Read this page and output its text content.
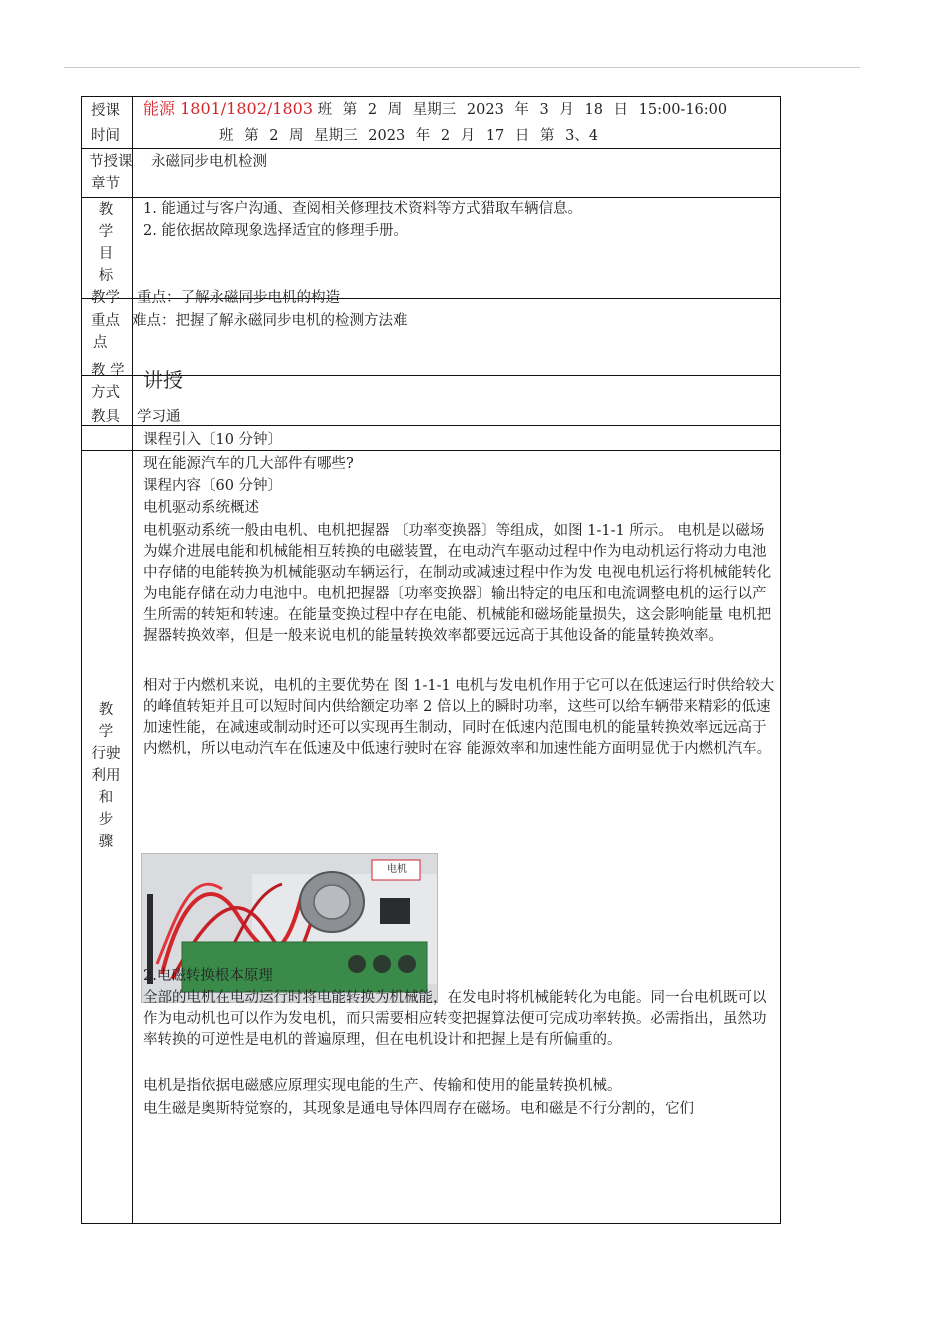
授课
时间
能源 1801/1802/1803 班 第 2 周 星期三 2023 年 3 月 18 日 15:00-16:00
班 第 2 周 星期三 2023 年 2 月 17 日 第 3、4
节授课
章节
永磁同步电机检测
教
学
目
标
1. 能通过与客户沟通、查阅相关修理技术资料等方式猎取车辆信息。
2. 能依据故障现象选择适宜的修理手册。
教学
重点
点
重点：了解永磁同步电机的构造
难点：把握了解永磁同步电机的检测方法难
教 学
方式
讲授
教具 学习通
课程引入〔10 分钟〕
教
学
行驶
利用
和
步
骤
现在能源汽车的几大部件有哪些?
课程内容〔60 分钟〕
电机驱动系统概述

电机驱动系统一般由电机、电机把握器 〔功率变换器〕等组成，如图 1-1-1 所示。 电机是以磁场为媒介进展电能和机械能相互转换的电磁装置，在电动汽车驱动过程中作为电动机运行将动力电池中存储的电能转换为机械能驱动车辆运行，在制动或减速过程中作为发 电视电机运行将机械能转化为电能存储在动力电池中。电机把握器〔功率变换器〕输出特定的电压和电流调整电机的运行以产生所需的转矩和转速。在能量变换过程中存在电能、机械能和磁场能量损失，这会影响能量 电机把握器转换效率，但是一般来说电机的能量转换效率都要远远高于其他设备的能量转换效率。

相对于内燃机来说，电机的主要优势在 图 1-1-1 电机与发电机作用于它可以在低速运行时供给较大的峰值转矩并且可以短时间内供给额定功率 2 倍以上的瞬时功率，这些可以给车辆带来精彩的低速加速性能，在减速或制动时还可以实现再生制动，同时在低速内范围电机的能量转换效率远远高于内燃机，所以电动汽车在低速及中低速行驶时在容 能源效率和加速性能方面明显优于内燃机汽车。

电机
2.电磁转换根本原理

全部的电机在电动运行时将电能转换为机械能，在发电时将机械能转化为电能。同一台电机既可以作为电动机也可以作为发电机，而只需要相应转变把握算法便可完成功率转换。必需指出，虽然功率转换的可逆性是电机的普遍原理，但在电机设计和把握上是有所偏重的。

电机是指依据电磁感应原理实现电能的生产、传输和使用的能量转换机械。
电生磁是奥斯特觉察的，其现象是通电导体四周存在磁场。电和磁是不行分割的，它们
